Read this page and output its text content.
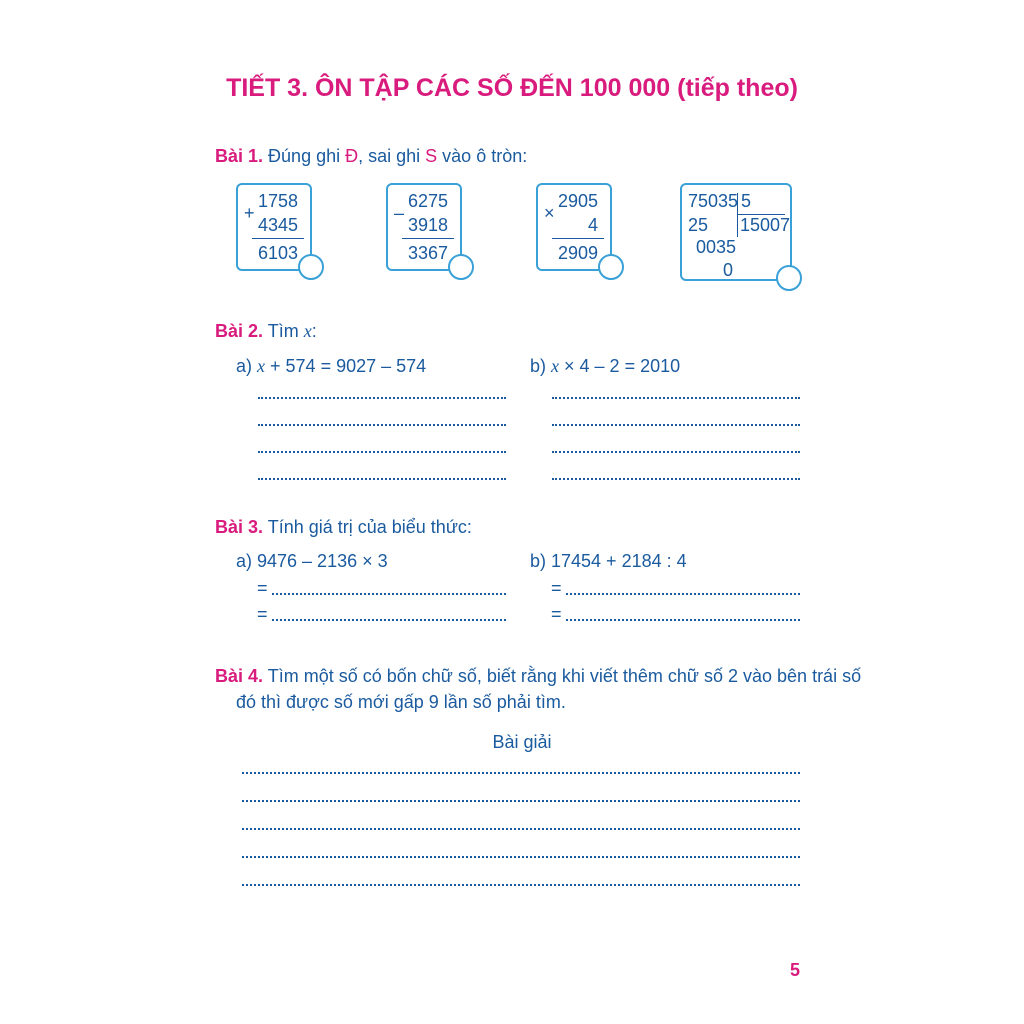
TIẾT 3. ÔN TẬP CÁC SỐ ĐẾN 100 000 (tiếp theo)
Bài 1. Đúng ghi Đ, sai ghi S vào ô tròn:
1758
+
4345
6103
6275
–
3918
3367
2905
×
4
2909
75035 5
25 15007
0035
0
Bài 2. Tìm x:
a) x + 574 = 9027 – 574	b) x × 4 – 2 = 2010
Bài 3. Tính giá trị của biểu thức:
a) 9476 – 2136 × 3	b) 17454 + 2184 : 4
=
=
=
=
Bài 4. Tìm một số có bốn chữ số, biết rằng khi viết thêm chữ số 2 vào bên trái số
đó thì được số mới gấp 9 lần số phải tìm.
Bài giải
5
